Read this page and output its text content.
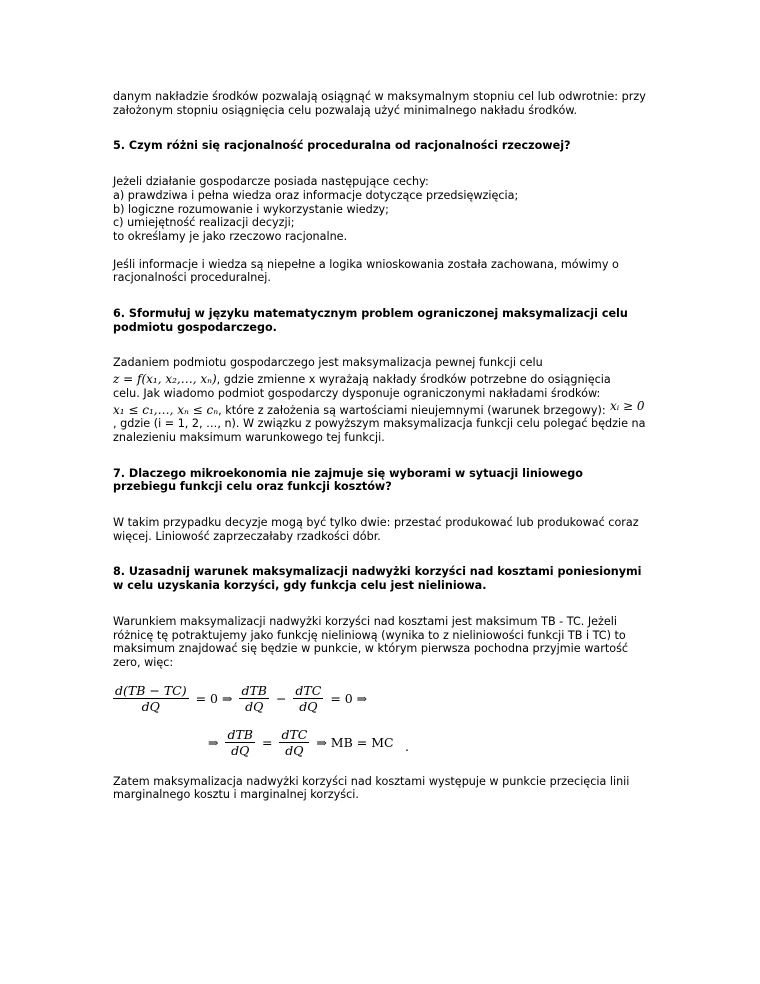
danym nakładzie środków pozwalają osiągnąć w maksymalnym stopniu cel lub odwrotnie: przy
założonym stopniu osiągnięcia celu pozwalają użyć minimalnego nakładu środków.

5. Czym różni się racjonalność proceduralna od racjonalności rzeczowej?

Jeżeli działanie gospodarcze posiada następujące cechy:
a) prawdziwa i pełna wiedza oraz informacje dotyczące przedsięwzięcia;
b) logiczne rozumowanie i wykorzystanie wiedzy;
c) umiejętność realizacji decyzji;
to określamy je jako rzeczowo racjonalne.

Jeśli informacje i wiedza są niepełne a logika wnioskowania została zachowana, mówimy o
racjonalności proceduralnej.

6. Sformułuj w języku matematycznym problem ograniczonej maksymalizacji celu
podmiotu gospodarczego.

Zadaniem podmiotu gospodarczego jest maksymalizacja pewnej funkcji celu
z = f(x₁, x₂,…, xₙ), gdzie zmienne x wyrażają nakłady środków potrzebne do osiągnięcia
celu. Jak wiadomo podmiot gospodarczy dysponuje ograniczonymi nakładami środków:
x₁ ≤ c₁,…, xₙ ≤ cₙ, które z założenia są wartościami nieujemnymi (warunek brzegowy): xᵢ ≥ 0
, gdzie (i = 1, 2, …, n). W związku z powyższym maksymalizacja funkcji celu polegać będzie na
znalezieniu maksimum warunkowego tej funkcji.

7. Dlaczego mikroekonomia nie zajmuje się wyborami w sytuacji liniowego
przebiegu funkcji celu oraz funkcji kosztów?

W takim przypadku decyzje mogą być tylko dwie: przestać produkować lub produkować coraz
więcej. Liniowość zaprzeczałaby rzadkości dóbr.

8. Uzasadnij warunek maksymalizacji nadwyżki korzyści nad kosztami poniesionymi
w celu uzyskania korzyści, gdy funkcja celu jest nieliniowa.

Warunkiem maksymalizacji nadwyżki korzyści nad kosztami jest maksimum TB - TC. Jeżeli
różnicę tę potraktujemy jako funkcję nieliniową (wynika to z nieliniowości funkcji TB i TC) to
maksimum znajdować się będzie w punkcie, w którym pierwsza pochodna przyjmie wartość
zero, więc:

$\frac{d(TB - TC)}{dQ} = 0$ ⇒ $\frac{\text{dTB}}{dQ} - \frac{\text{dTC}}{dQ} = 0$ ⇒
⇒ $\frac{\text{dTB}}{dQ} = \frac{\text{dTC}}{dQ}$ ⇒ MB = MC .

Zatem maksymalizacja nadwyżki korzyści nad kosztami występuje w punkcie przecięcia linii
marginalnego kosztu i marginalnej korzyści.
